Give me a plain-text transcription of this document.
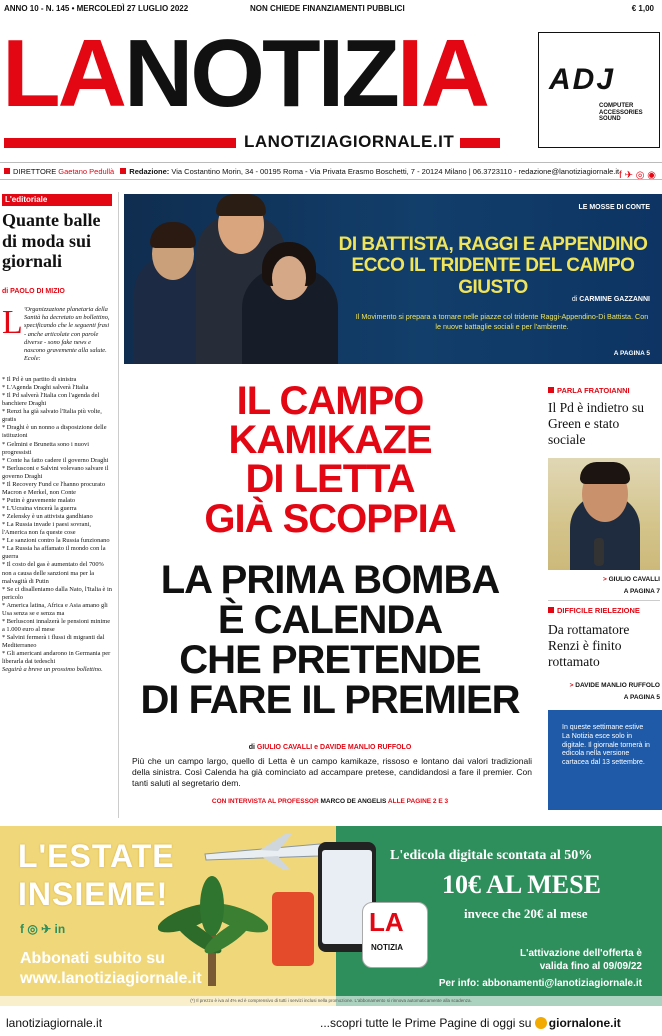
ANNO 10 - N. 145 • MERCOLEDÌ 27 LUGLIO 2022	NON CHIEDE FINANZIAMENTI PUBBLICI	€ 1,00
LANOTIZIA
LANOTIZIAGIORNALE.IT
ADJ
COMPUTER ACCESSORIES SOUND
DIRETTORE Gaetano Pedullà Redazione: Via Costantino Morin, 34 - 00195 Roma - Via Privata Erasmo Boschetti, 7 - 20124 Milano | 06.3723110 - redazione@lanotiziagiornale.it f ✈ ◎ ◉
L'editoriale
Quante balle di moda sui giornali
di PAOLO DI MIZIO
L 'Organizzazione planetaria della Sanità ha decretato un bollettino, specificando che le seguenti frasi - anche articolate con parole diverse - sono fake news e nascono gravemente alla salute. Ecole:
* Il Pd è un partito di sinistra
* L'Agenda Draghi salverà l'Italia
* Il Pd salverà l'Italia con l'agenda del banchiere Draghi
* Renzi ha già salvato l'Italia più volte, gratis
* Draghi è un nonno a disposizione delle istituzioni
* Gelmini e Brunetta sono i nuovi progressisti
* Conte ha fatto cadere il governo Draghi
* Berlusconi e Salvini volevano salvare il governo Draghi
* Il Recovery Fund ce l'hanno procurato Macron e Merkel, non Conte
* Putin è gravemente malato
* L'Ucraina vincerà la guerra
* Zelensky è un attivista gandhiano
* La Russia invade i paesi sovrani, l'America non fa queste cose
* Le sanzioni contro la Russia funzionano
* La Russia ha affamato il mondo con la guerra
* Il costo del gas è aumentato del 700% non a causa delle sanzioni ma per la malvagità di Putin
* Se ci disalleniamo dalla Nato, l'Italia è in pericolo
* America latina, Africa e Asia amano gli Usa senza se e senza ma
* Berlusconi innalzerà le pensioni minime a 1.000 euro al mese
* Salvini fermerà i flussi di migranti dal Mediterraneo
* Gli americani andarono in Germania per liberarla dai tedeschi
Seguirà a breve un prossimo bollettino.
LE MOSSE DI CONTE
DI BATTISTA, RAGGI E APPENDINO
ECCO IL TRIDENTE DEL CAMPO GIUSTO
di CARMINE GAZZANNI
Il Movimento si prepara a tornare nelle piazze col tridente Raggi-Appendino-Di Battista. Con le nuove battaglie sociali e per l'ambiente.
A PAGINA 5
IL CAMPO
KAMIKAZE
DI LETTA
GIÀ SCOPPIA
LA PRIMA BOMBA
È CALENDA
CHE PRETENDE
DI FARE IL PREMIER
di GIULIO CAVALLI e DAVIDE MANLIO RUFFOLO
Più che un campo largo, quello di Letta è un campo kamikaze, rissoso e lontano dai valori tradizionali della sinistra. Così Calenda ha già cominciato ad accampare pretese, candidandosi a fare il premier. Con tanti saluti al segretario dem.
CON INTERVISTA AL PROFESSOR MARCO DE ANGELIS ALLE PAGINE 2 E 3
PARLA FRATOIANNI
Il Pd è indietro su Green e stato sociale
> GIULIO CAVALLI
A PAGINA 7
DIFFICILE RIELEZIONE
Da rottamatore Renzi è finito rottamato
> DAVIDE MANLIO RUFFOLO
A PAGINA 5
In queste settimane estive La Notizia esce solo in digitale. Il giornale tornerà in edicola nella versione cartacea dal 13 settembre.
L'ESTATE
INSIEME!
f ◎ ✈ in
Abbonati subito su
www.lanotiziagiornale.it
LA
NOTIZIA
L'edicola digitale scontata al 50%
10€ AL MESE
invece che 20€ al mese
L'attivazione dell'offerta è valida fino al 09/09/22
Per info: abbonamenti@lanotiziagiornale.it
(*) Il prezzo è iva al 4% ed è comprensivo di tutti i servizi inclusi nella promozione. L'abbonamento si rinnova automaticamente alla scadenza.
lanotiziagiornale.it	...scopri tutte le Prime Pagine di oggi su giornalone.it
